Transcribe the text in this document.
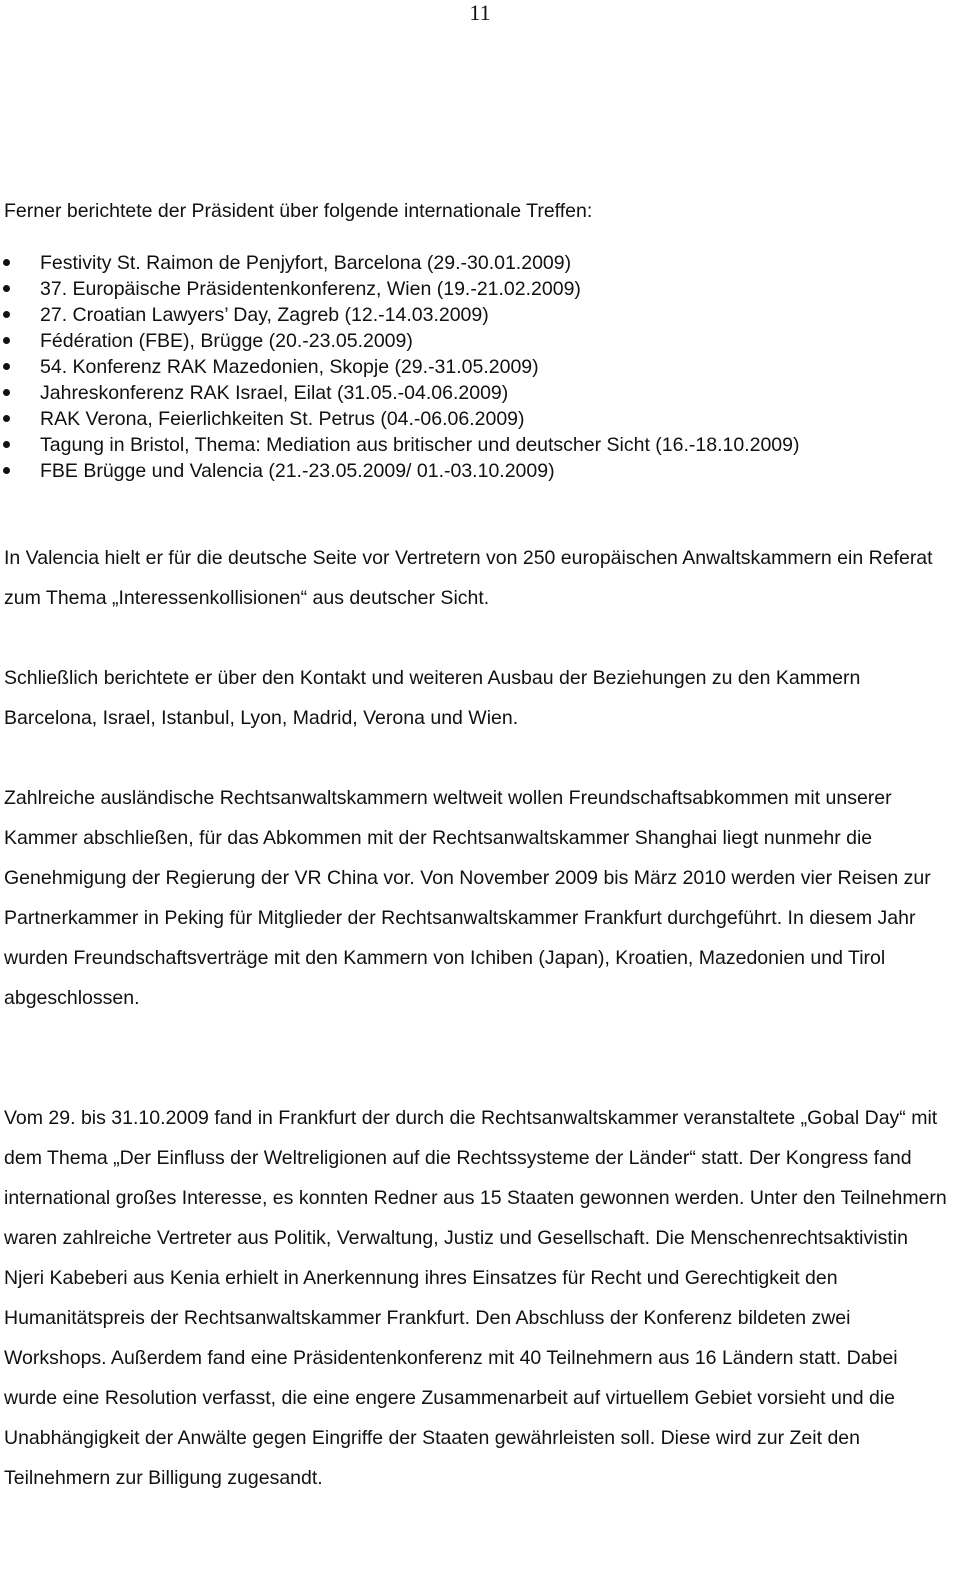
11

Ferner berichtete der Präsident über folgende internationale Treffen:

Festivity St. Raimon de Penjyfort, Barcelona (29.-30.01.2009)
37. Europäische Präsidentenkonferenz, Wien (19.-21.02.2009)
27. Croatian Lawyers’ Day, Zagreb (12.-14.03.2009)
Fédération (FBE), Brügge (20.-23.05.2009)
54. Konferenz RAK Mazedonien, Skopje (29.-31.05.2009)
Jahreskonferenz RAK Israel, Eilat (31.05.-04.06.2009)
RAK Verona, Feierlichkeiten St. Petrus (04.-06.06.2009)
Tagung in Bristol, Thema: Mediation aus britischer und deutscher Sicht (16.-18.10.2009)
FBE Brügge und Valencia (21.-23.05.2009/ 01.-03.10.2009)

In Valencia hielt er für die deutsche Seite vor Vertretern von 250 europäischen Anwaltskammern ein Referat zum Thema „Interessenkollisionen“ aus deutscher Sicht.

Schließlich berichtete er über den Kontakt und weiteren Ausbau der Beziehungen zu den Kammern Barcelona, Israel, Istanbul, Lyon, Madrid, Verona und Wien.

Zahlreiche ausländische Rechtsanwaltskammern weltweit wollen Freundschaftsabkommen mit unserer Kammer abschließen, für das Abkommen mit der Rechtsanwaltskammer Shanghai liegt nunmehr die Genehmigung der Regierung der VR China vor. Von November 2009 bis März 2010 werden vier Reisen zur Partnerkammer in Peking für Mitglieder der Rechtsanwaltskammer Frankfurt durchgeführt. In diesem Jahr wurden Freundschaftsverträge mit den Kammern von Ichiben (Japan), Kroatien, Mazedonien und Tirol abgeschlossen.

Vom 29. bis 31.10.2009 fand in Frankfurt der durch die Rechtsanwaltskammer veranstaltete „Gobal Day“ mit dem Thema „Der Einfluss der Weltreligionen auf die Rechtssysteme der Länder“ statt. Der Kongress fand international großes Interesse, es konnten Redner aus 15 Staaten gewonnen werden. Unter den Teilnehmern waren zahlreiche Vertreter aus Politik, Verwaltung, Justiz und Gesellschaft. Die Menschenrechtsaktivistin Njeri Kabeberi aus Kenia erhielt in Anerkennung ihres Einsatzes für Recht und Gerechtigkeit den Humanitätspreis der Rechtsanwaltskammer Frankfurt. Den Abschluss der Konferenz bildeten zwei Workshops. Außerdem fand eine Präsidentenkonferenz mit 40 Teilnehmern aus 16 Ländern statt. Dabei wurde eine Resolution verfasst, die eine engere Zusammenarbeit auf virtuellem Gebiet vorsieht und die Unabhängigkeit der Anwälte gegen Eingriffe der Staaten gewährleisten soll. Diese wird zur Zeit den Teilnehmern zur Billigung zugesandt.
